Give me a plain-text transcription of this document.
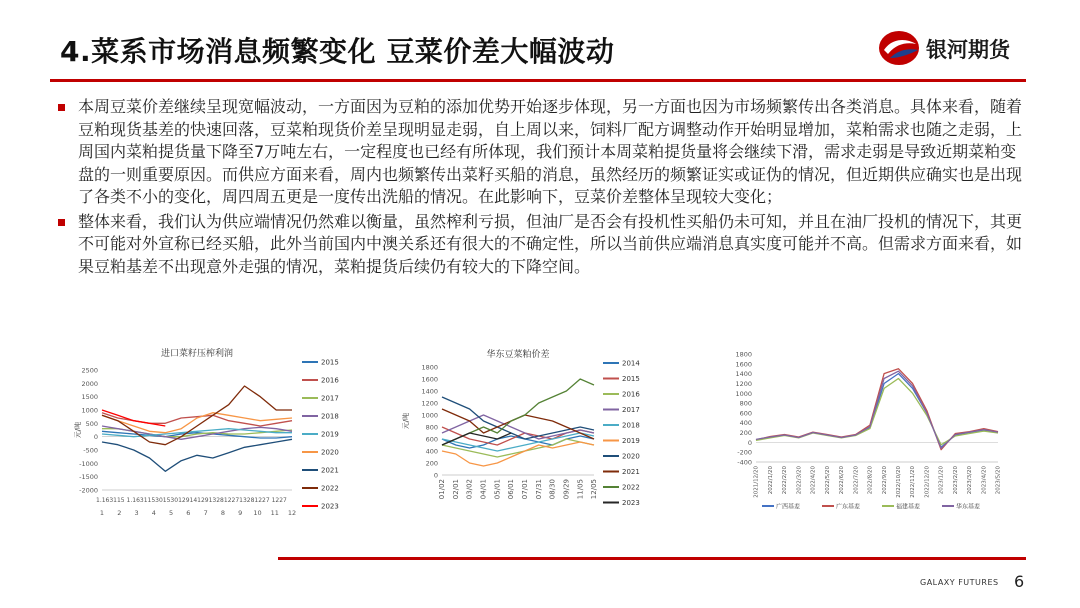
4.菜系市场消息频繁变化 豆菜价差大幅波动	银河期货
本周豆菜价差继续呈现宽幅波动，一方面因为豆粕的添加优势开始逐步体现，另一方面也因为市场频繁传出各类消息。具体来看，随着豆粕现货基差的快速回落，豆菜粕现货价差呈现明显走弱，自上周以来，饲料厂配方调整动作开始明显增加，菜粕需求也随之走弱，上周国内菜粕提货量下降至7万吨左右，一定程度也已经有所体现，我们预计本周菜粕提货量将会继续下滑，需求走弱是导致近期菜粕变盘的一则重要原因。而供应方面来看，周内也频繁传出菜籽买船的消息，虽然经历的频繁证实或证伪的情况，但近期供应确实也是出现了各类不小的变化，周四周五更是一度传出洗船的情况。在此影响下，豆菜价差整体呈现较大变化；
整体来看，我们认为供应端情况仍然难以衡量，虽然榨利亏损，但油厂是否会有投机性买船仍未可知，并且在油厂投机的情况下，其更不可能对外宣称已经买船，此外当前国内中澳关系还有很大的不确定性，所以当前供应端消息真实度可能并不高。但需求方面来看，如果豆粕基差不出现意外走强的情况，菜粕提货后续仍有较大的下降空间。
进口菜籽压榨利润
2500
2000
1500
1000
500
0
-500
-1000
-1500
-2000
元/吨
1.163115 1.163115301530129141291328122713281227 1227
1 2 3 4 5 6 7 8 9 10 11 12
2015
2016
2017
2018
2019
2020
2021
2022
2023
华东豆菜粕价差
1800
1600
1400
1200
1000
800
600
400
200
0
元/吨
01/02 02/01 03/02 04/01 05/01 06/01 07/01 07/31 08/30 09/29 11/05 12/05
2014
2015
2016
2017
2018
2019
2020
2021
2022
2023
1800
1600
1400
1200
1000
800
600
400
200
0
-200
-400
2021/12/20 2022/1/20 2022/2/20 2022/3/20 2022/4/20 2022/5/20 2022/6/20 2022/7/20 2022/8/20 2022/9/20 2022/10/20 2022/11/20 2022/12/20 2023/1/20 2023/2/20 2023/3/20 2023/4/20 2023/5/20
广西基差	广东基差	福建基差	华东基差
GALAXY FUTURES 6
